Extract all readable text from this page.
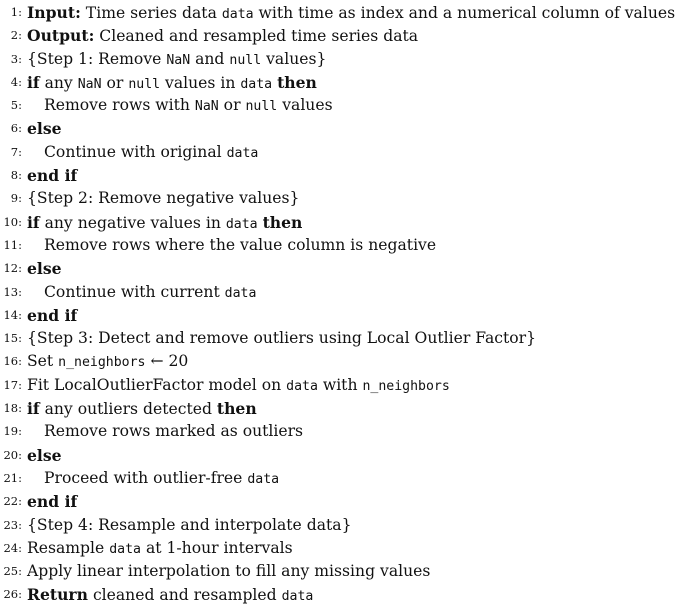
1: Input: Time series data data with time as index and a numerical column of values
2: Output: Cleaned and resampled time series data
3: {Step 1: Remove NaN and null values}
4: if any NaN or null values in data then
5: Remove rows with NaN or null values
6: else
7: Continue with original data
8: end if
9: {Step 2: Remove negative values}
10: if any negative values in data then
11: Remove rows where the value column is negative
12: else
13: Continue with current data
14: end if
15: {Step 3: Detect and remove outliers using Local Outlier Factor}
16: Set n_neighbors ← 20
17: Fit LocalOutlierFactor model on data with n_neighbors
18: if any outliers detected then
19: Remove rows marked as outliers
20: else
21: Proceed with outlier-free data
22: end if
23: {Step 4: Resample and interpolate data}
24: Resample data at 1-hour intervals
25: Apply linear interpolation to fill any missing values
26: Return cleaned and resampled data
